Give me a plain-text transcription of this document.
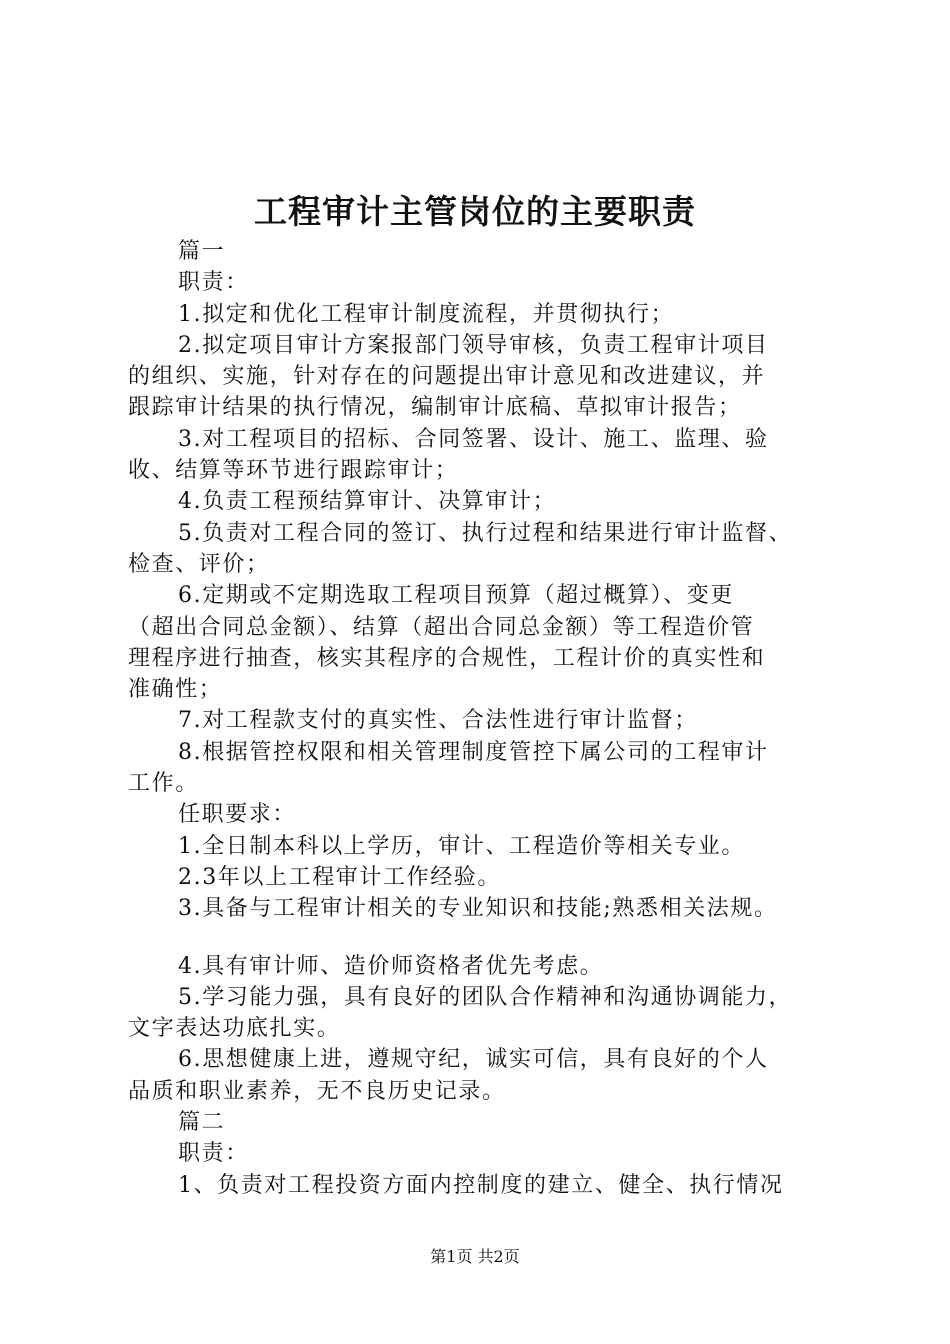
工程审计主管岗位的主要职责
篇一
职责：
1.拟定和优化工程审计制度流程，并贯彻执行；
2.拟定项目审计方案报部门领导审核，负责工程审计项目
的组织、实施，针对存在的问题提出审计意见和改进建议，并
跟踪审计结果的执行情况，编制审计底稿、草拟审计报告；
3.对工程项目的招标、合同签署、设计、施工、监理、验
收、结算等环节进行跟踪审计；
4.负责工程预结算审计、决算审计；
5.负责对工程合同的签订、执行过程和结果进行审计监督、
检查、评价；
6.定期或不定期选取工程项目预算（超过概算）、变更
（超出合同总金额）、结算（超出合同总金额）等工程造价管
理程序进行抽查，核实其程序的合规性，工程计价的真实性和
准确性；
7.对工程款支付的真实性、合法性进行审计监督；
8.根据管控权限和相关管理制度管控下属公司的工程审计
工作。
任职要求：
1.全日制本科以上学历，审计、工程造价等相关专业。
2.3年以上工程审计工作经验。
3.具备与工程审计相关的专业知识和技能;熟悉相关法规。
4.具有审计师、造价师资格者优先考虑。
5.学习能力强，具有良好的团队合作精神和沟通协调能力，
文字表达功底扎实。
6.思想健康上进，遵规守纪，诚实可信，具有良好的个人
品质和职业素养，无不良历史记录。
篇二
职责：
1、负责对工程投资方面内控制度的建立、健全、执行情况
第1页 共2页
